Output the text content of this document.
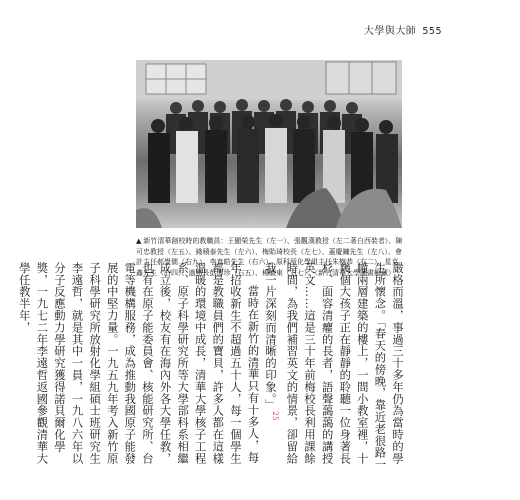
大學與大師 555
▲ 新竹清華創校時的教職員：王顯榮先生（左一）、張觀漢教授（左二著白西裝者）、陳可忠教授（左五）、錢積泰先生（左六）、梅貽琦校長（左七）、蓋慶鏞先生（左八）、會計主任郝學儒（右九）、李育皓先生（右六）、原科所化學組主任朱樹恭（右二）、星克鑫先生（右四）、過務長彭傳珍（右五）、楊毓東（右七）。（新竹清華大學圖書館藏）

嚴格而溫，事過三十多年仍為當時的學生所懷念。「春天的傍晚，靠近老很路一幢兩層建築的樓上，一間小教室裡，十幾個大孩子正在靜靜的聆聽一位身著長杉、面容清癯的長者，語聲藹藹的講授英文……這是三十年前梅校長利用課餘時間，為我們補習英文的情景，卻留給我一片深刻而清晰的印象。」$^{25}$

當時在新竹的清華只有十多人，每年招收新生不超過五十人，每一個學生都是教職員們的寶貝，許多人都在這樣溫暖的環境中成長，清華大學核子工程系、原子科學研究所等大學部科系相繼成立後，校友有在海內外各大學任教，也有在原子能委員會、核能研究所、台電等機構服務，成為推動我國原子能發展的中堅力量。一九五九年考入新竹原子科學研究所放射化學組碩士班研究生李遠哲，就是其中一員，一九八六年以分子反應動力學研究獲得諾貝爾化學獎，一九七二年李遠哲返國參觀清華大學任教半年，
